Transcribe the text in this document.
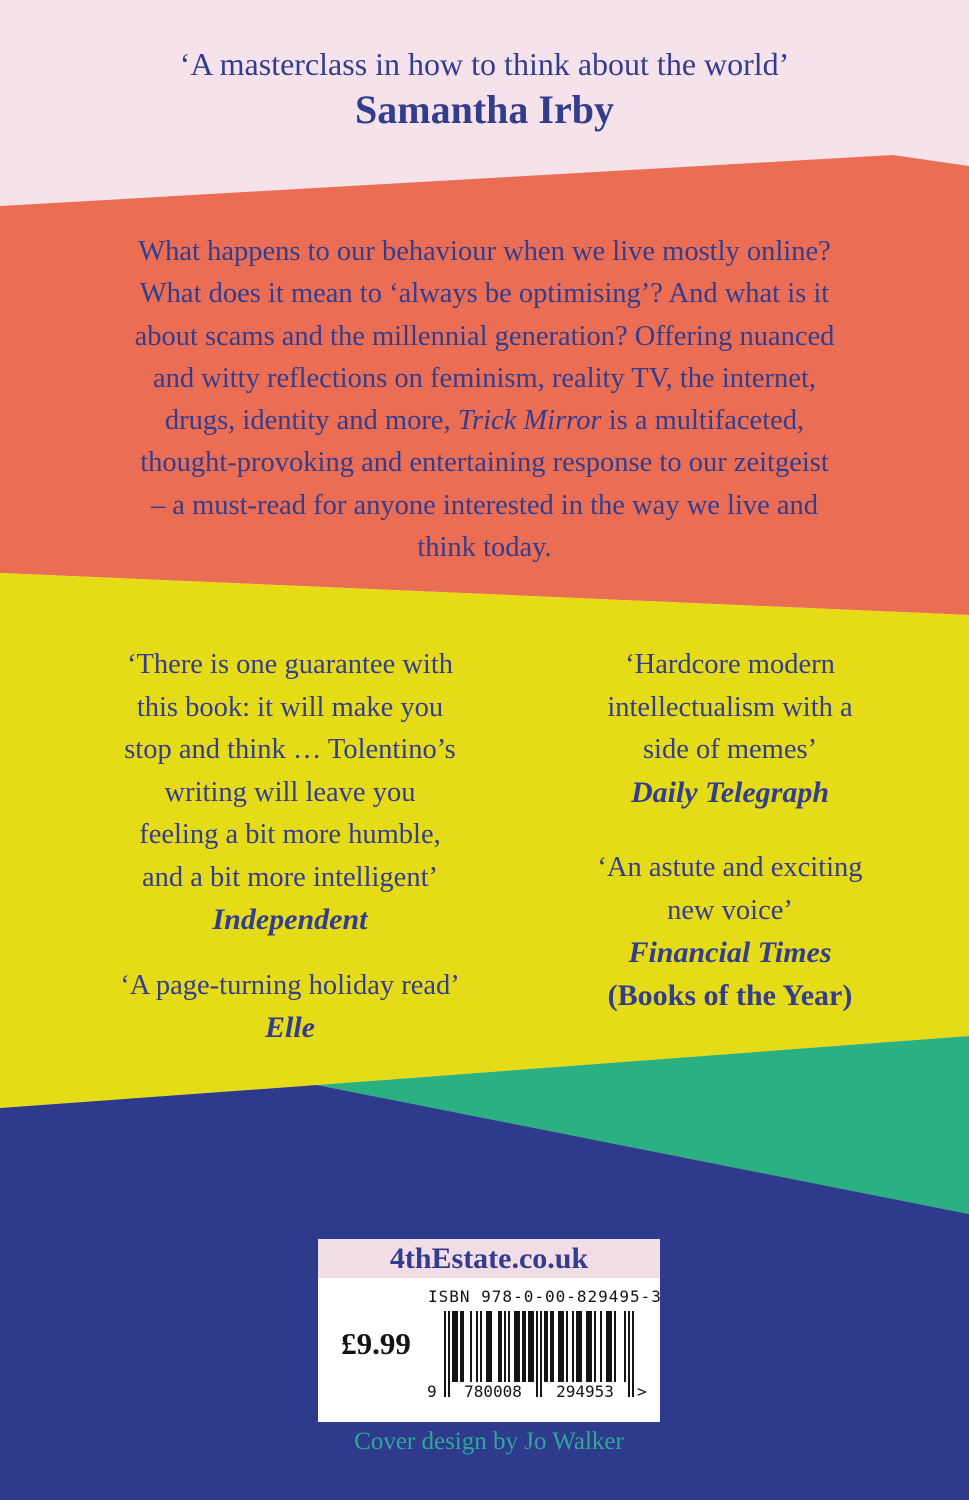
‘A masterclass in how to think about the world’
Samantha Irby
What happens to our behaviour when we live mostly online?
What does it mean to ‘always be optimising’? And what is it
about scams and the millennial generation? Offering nuanced
and witty reflections on feminism, reality TV, the internet,
drugs, identity and more, Trick Mirror is a multifaceted,
thought-provoking and entertaining response to our zeitgeist
– a must-read for anyone interested in the way we live and
think today.
‘There is one guarantee with
this book: it will make you
stop and think … Tolentino’s
writing will leave you
feeling a bit more humble,
and a bit more intelligent’
Independent
‘A page-turning holiday read’
Elle
‘Hardcore modern
intellectualism with a
side of memes’
Daily Telegraph
‘An astute and exciting
new voice’
Financial Times
(Books of the Year)
4thEstate.co.uk
£9.99
ISBN 978-0-00-829495-3
9	780008	294953	>
Cover design by Jo Walker
